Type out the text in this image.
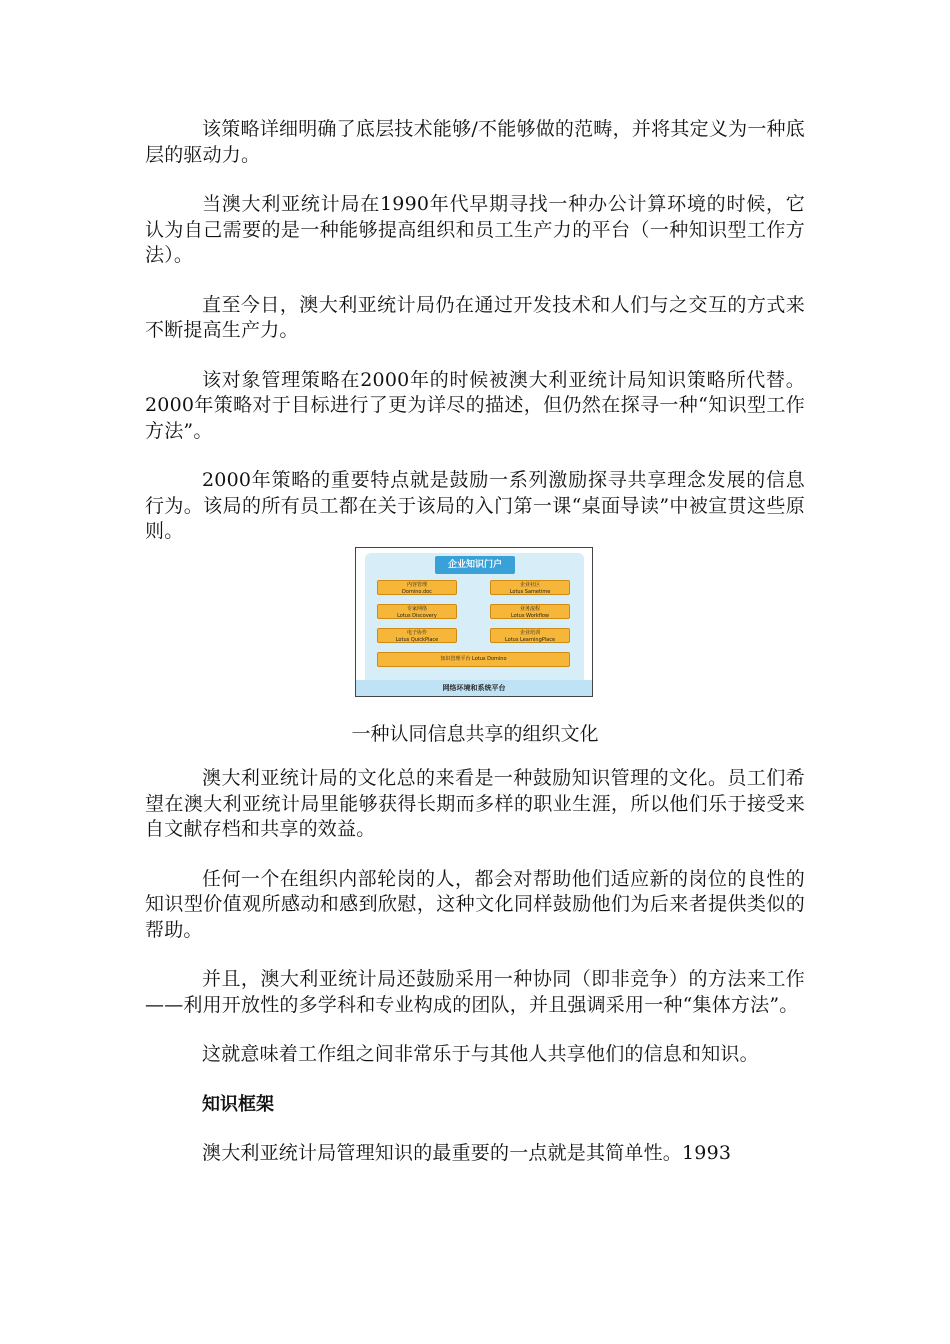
该策略详细明确了底层技术能够/不能够做的范畴，并将其定义为一种底层的驱动力。

当澳大利亚统计局在1990年代早期寻找一种办公计算环境的时候，它认为自己需要的是一种能够提高组织和员工生产力的平台（一种知识型工作方法）。

直至今日，澳大利亚统计局仍在通过开发技术和人们与之交互的方式来不断提高生产力。

该对象管理策略在2000年的时候被澳大利亚统计局知识策略所代替。2000年策略对于目标进行了更为详尽的描述，但仍然在探寻一种“知识型工作方法”。

2000年策略的重要特点就是鼓励一系列激励探寻共享理念发展的信息行为。该局的所有员工都在关于该局的入门第一课“桌面导读”中被宣贯这些原则。

企业知识门户
内容管理
Domino.doc
企业社区
Lotus Sametime
专家网络
Lotus Discovery
业务流程
Lotus Workflow
电子协作
Lotus QuickPlace
企业培训
Lotus LearningPlace
知识管理平台 Lotus Domino
网络环境和系统平台
一种认同信息共享的组织文化

澳大利亚统计局的文化总的来看是一种鼓励知识管理的文化。员工们希望在澳大利亚统计局里能够获得长期而多样的职业生涯，所以他们乐于接受来自文献存档和共享的效益。

任何一个在组织内部轮岗的人，都会对帮助他们适应新的岗位的良性的知识型价值观所感动和感到欣慰，这种文化同样鼓励他们为后来者提供类似的帮助。

并且，澳大利亚统计局还鼓励采用一种协同（即非竞争）的方法来工作——利用开放性的多学科和专业构成的团队，并且强调采用一种“集体方法”。

这就意味着工作组之间非常乐于与其他人共享他们的信息和知识。

知识框架

澳大利亚统计局管理知识的最重要的一点就是其简单性。1993
